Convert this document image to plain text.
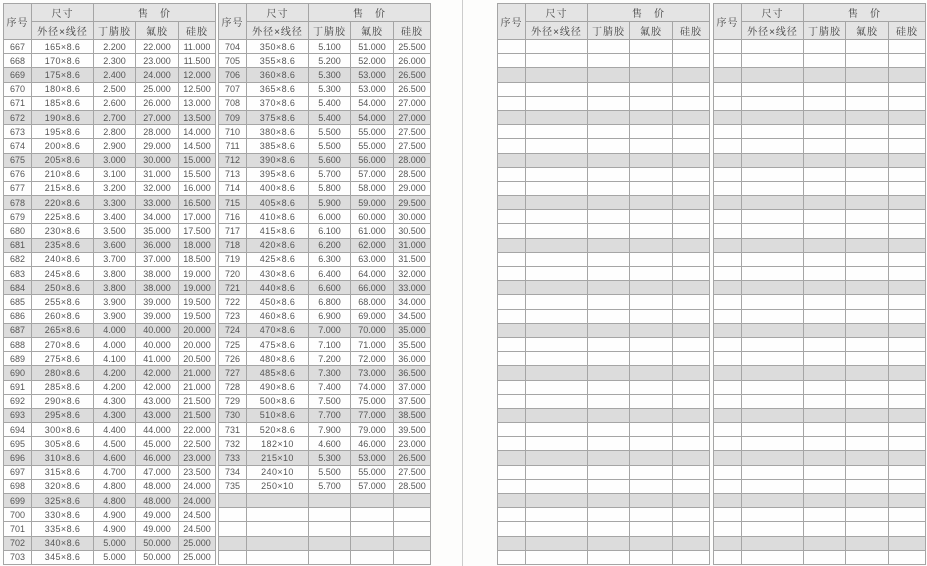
序号	尺寸	售　价		
	外径×线径	丁腈胶	氟胶	硅胶
667	165×8.6	2.200	22.000	11.000
668	170×8.6	2.300	23.000	11.500
669	175×8.6	2.400	24.000	12.000
670	180×8.6	2.500	25.000	12.500
671	185×8.6	2.600	26.000	13.000
672	190×8.6	2.700	27.000	13.500
673	195×8.6	2.800	28.000	14.000
674	200×8.6	2.900	29.000	14.500
675	205×8.6	3.000	30.000	15.000
676	210×8.6	3.100	31.000	15.500
677	215×8.6	3.200	32.000	16.000
678	220×8.6	3.300	33.000	16.500
679	225×8.6	3.400	34.000	17.000
680	230×8.6	3.500	35.000	17.500
681	235×8.6	3.600	36.000	18.000
682	240×8.6	3.700	37.000	18.500
683	245×8.6	3.800	38.000	19.000
684	250×8.6	3.800	38.000	19.000
685	255×8.6	3.900	39.000	19.500
686	260×8.6	3.900	39.000	19.500
687	265×8.6	4.000	40.000	20.000
688	270×8.6	4.000	40.000	20.000
689	275×8.6	4.100	41.000	20.500
690	280×8.6	4.200	42.000	21.000
691	285×8.6	4.200	42.000	21.000
692	290×8.6	4.300	43.000	21.500
693	295×8.6	4.300	43.000	21.500
694	300×8.6	4.400	44.000	22.000
695	305×8.6	4.500	45.000	22.500
696	310×8.6	4.600	46.000	23.000
697	315×8.6	4.700	47.000	23.500
698	320×8.6	4.800	48.000	24.000
699	325×8.6	4.800	48.000	24.000
700	330×8.6	4.900	49.000	24.500
701	335×8.6	4.900	49.000	24.500
702	340×8.6	5.000	50.000	25.000
703	345×8.6	5.000	50.000	25.000
序号	尺寸	售　价		
	外径×线径	丁腈胶	氟胶	硅胶
704	350×8.6	5.100	51.000	25.500
705	355×8.6	5.200	52.000	26.000
706	360×8.6	5.300	53.000	26.500
707	365×8.6	5.300	53.000	26.500
708	370×8.6	5.400	54.000	27.000
709	375×8.6	5.400	54.000	27.000
710	380×8.6	5.500	55.000	27.500
711	385×8.6	5.500	55.000	27.500
712	390×8.6	5.600	56.000	28.000
713	395×8.6	5.700	57.000	28.500
714	400×8.6	5.800	58.000	29.000
715	405×8.6	5.900	59.000	29.500
716	410×8.6	6.000	60.000	30.000
717	415×8.6	6.100	61.000	30.500
718	420×8.6	6.200	62.000	31.000
719	425×8.6	6.300	63.000	31.500
720	430×8.6	6.400	64.000	32.000
721	440×8.6	6.600	66.000	33.000
722	450×8.6	6.800	68.000	34.000
723	460×8.6	6.900	69.000	34.500
724	470×8.6	7.000	70.000	35.000
725	475×8.6	7.100	71.000	35.500
726	480×8.6	7.200	72.000	36.000
727	485×8.6	7.300	73.000	36.500
728	490×8.6	7.400	74.000	37.000
729	500×8.6	7.500	75.000	37.500
730	510×8.6	7.700	77.000	38.500
731	520×8.6	7.900	79.000	39.500
732	182×10	4.600	46.000	23.000
733	215×10	5.300	53.000	26.500
734	240×10	5.500	55.000	27.500
735	250×10	5.700	57.000	28.500

序号	尺寸	售　价		
	外径×线径	丁腈胶	氟胶	硅胶

序号	尺寸	售　价		
	外径×线径	丁腈胶	氟胶	硅胶
